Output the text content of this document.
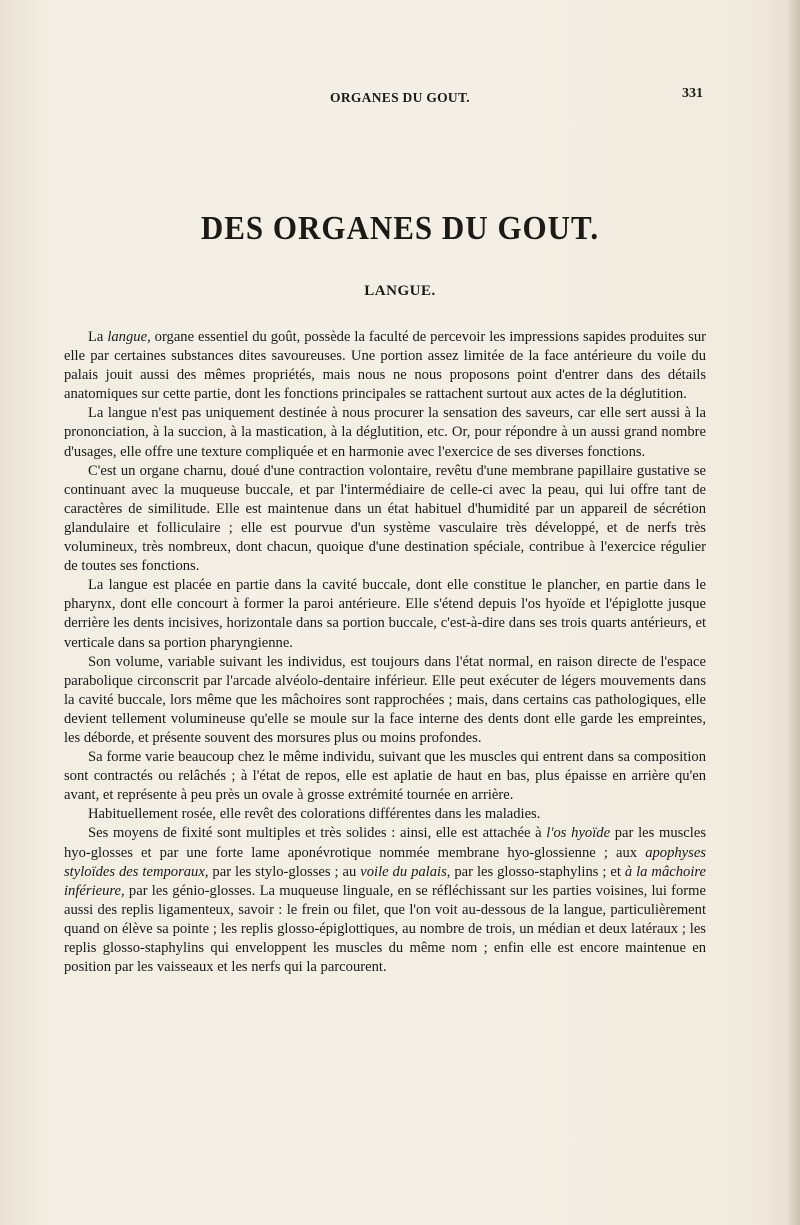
ORGANES DU GOUT.	331
DES ORGANES DU GOUT.
LANGUE.

La langue, organe essentiel du goût, possède la faculté de percevoir les impressions sapides produites sur elle par certaines substances dites savoureuses. Une portion assez limitée de la face antérieure du voile du palais jouit aussi des mêmes propriétés, mais nous ne nous proposons point d'entrer dans des détails anatomiques sur cette partie, dont les fonctions principales se rattachent surtout aux actes de la déglutition.

La langue n'est pas uniquement destinée à nous procurer la sensation des saveurs, car elle sert aussi à la prononciation, à la succion, à la mastication, à la déglutition, etc. Or, pour répondre à un aussi grand nombre d'usages, elle offre une texture compliquée et en harmonie avec l'exercice de ses diverses fonctions.

C'est un organe charnu, doué d'une contraction volontaire, revêtu d'une membrane papillaire gustative se continuant avec la muqueuse buccale, et par l'intermédiaire de celle-ci avec la peau, qui lui offre tant de caractères de similitude. Elle est maintenue dans un état habituel d'humidité par un appareil de sécrétion glandulaire et folliculaire ; elle est pourvue d'un système vasculaire très développé, et de nerfs très volumineux, très nombreux, dont chacun, quoique d'une destination spéciale, contribue à l'exercice régulier de toutes ses fonctions.

La langue est placée en partie dans la cavité buccale, dont elle constitue le plancher, en partie dans le pharynx, dont elle concourt à former la paroi antérieure. Elle s'étend depuis l'os hyoïde et l'épiglotte jusque derrière les dents incisives, horizontale dans sa portion buccale, c'est-à-dire dans ses trois quarts antérieurs, et verticale dans sa portion pharyngienne.

Son volume, variable suivant les individus, est toujours dans l'état normal, en raison directe de l'espace parabolique circonscrit par l'arcade alvéolo-dentaire inférieur. Elle peut exécuter de légers mouvements dans la cavité buccale, lors même que les mâchoires sont rapprochées ; mais, dans certains cas pathologiques, elle devient tellement volumineuse qu'elle se moule sur la face interne des dents dont elle garde les empreintes, les déborde, et présente souvent des morsures plus ou moins profondes.

Sa forme varie beaucoup chez le même individu, suivant que les muscles qui entrent dans sa composition sont contractés ou relâchés ; à l'état de repos, elle est aplatie de haut en bas, plus épaisse en arrière qu'en avant, et représente à peu près un ovale à grosse extrémité tournée en arrière.

Habituellement rosée, elle revêt des colorations différentes dans les maladies.

Ses moyens de fixité sont multiples et très solides : ainsi, elle est attachée à l'os hyoïde par les muscles hyo-glosses et par une forte lame aponévrotique nommée membrane hyo-glossienne ; aux apophyses styloïdes des temporaux, par les stylo-glosses ; au voile du palais, par les glosso-staphylins ; et à la mâchoire inférieure, par les génio-glosses. La muqueuse linguale, en se réfléchissant sur les parties voisines, lui forme aussi des replis ligamenteux, savoir : le frein ou filet, que l'on voit au-dessous de la langue, particulièrement quand on élève sa pointe ; les replis glosso-épiglottiques, au nombre de trois, un médian et deux latéraux ; les replis glosso-staphylins qui enveloppent les muscles du même nom ; enfin elle est encore maintenue en position par les vaisseaux et les nerfs qui la parcourent.
